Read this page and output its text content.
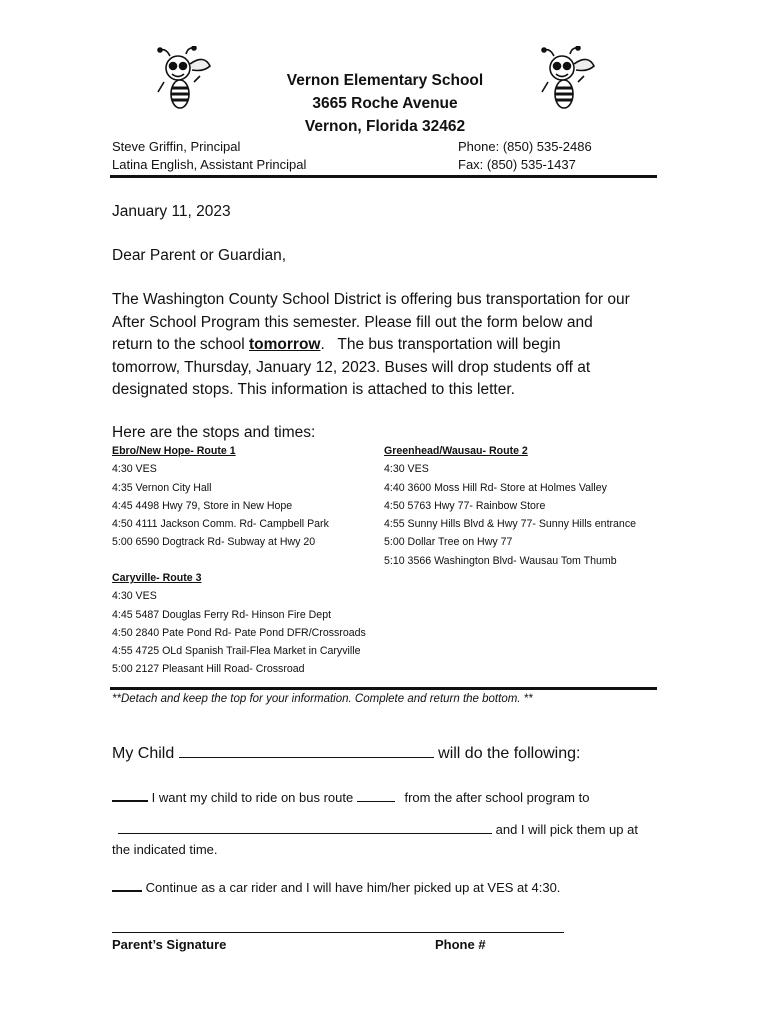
Vernon Elementary School
3665 Roche Avenue
Vernon, Florida 32462
Steve Griffin, Principal
Latina English, Assistant Principal
Phone: (850) 535-2486
Fax: (850) 535-1437
January 11, 2023
Dear Parent or Guardian,
The Washington County School District is offering bus transportation for our
After School Program this semester. Please fill out the form below and
return to the school tomorrow.   The bus transportation will begin
tomorrow, Thursday, January 12, 2023. Buses will drop students off at
designated stops. This information is attached to this letter.
Here are the stops and times:
Ebro/New Hope- Route 1
4:30 VES
4:35 Vernon City Hall
4:45 4498 Hwy 79, Store in New Hope
4:50 4111 Jackson Comm. Rd- Campbell Park
5:00 6590 Dogtrack Rd- Subway at Hwy 20
Greenhead/Wausau- Route 2
4:30 VES
4:40 3600 Moss Hill Rd- Store at Holmes Valley
4:50 5763 Hwy 77- Rainbow Store
4:55 Sunny Hills Blvd & Hwy 77- Sunny Hills entrance
5:00 Dollar Tree on Hwy 77
5:10 3566 Washington Blvd- Wausau Tom Thumb
Caryville- Route 3
4:30 VES
4:45 5487 Douglas Ferry Rd- Hinson Fire Dept
4:50 2840 Pate Pond Rd- Pate Pond DFR/Crossroads
4:55 4725 OLd Spanish Trail-Flea Market in Caryville
5:00 2127 Pleasant Hill Road- Crossroad
**Detach and keep the top for your information. Complete and return the bottom. **
My Child	will do the following:
I want my child to ride on bus route	from the after school program to
and I will pick them up at
the indicated time.
Continue as a car rider and I will have him/her picked up at VES at 4:30.
Parent’s Signature	Phone #
